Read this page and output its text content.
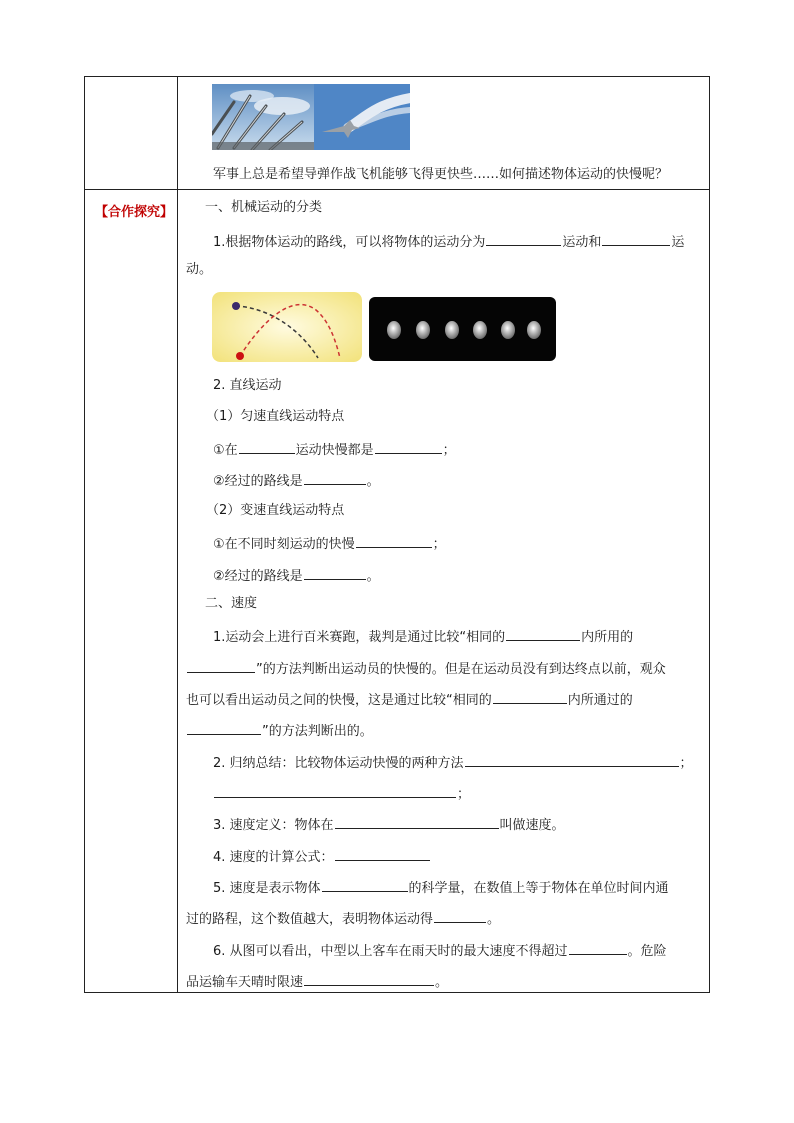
【合作探究】
军事上总是希望导弹作战飞机能够飞得更快些……如何描述物体运动的快慢呢？
一、机械运动的分类
1.根据物体运动的路线，可以将物体的运动分为	运动和	运
动。
2. 直线运动
（1）匀速直线运动特点
①在	运动快慢都是	；
②经过的路线是	。
（2）变速直线运动特点
①在不同时刻运动的快慢	；
②经过的路线是	。
二、速度
1.运动会上进行百米赛跑，裁判是通过比较“相同的	内所用的
”的方法判断出运动员的快慢的。但是在运动员没有到达终点以前，观众
也可以看出运动员之间的快慢，这是通过比较“相同的	内所通过的
”的方法判断出的。
2. 归纳总结：比较物体运动快慢的两种方法	；
；
3. 速度定义：物体在	叫做速度。
4. 速度的计算公式：
5. 速度是表示物体	的科学量，在数值上等于物体在单位时间内通
过的路程，这个数值越大，表明物体运动得	。
6. 从图可以看出，中型以上客车在雨天时的最大速度不得超过	。危险
品运输车天晴时限速	。
